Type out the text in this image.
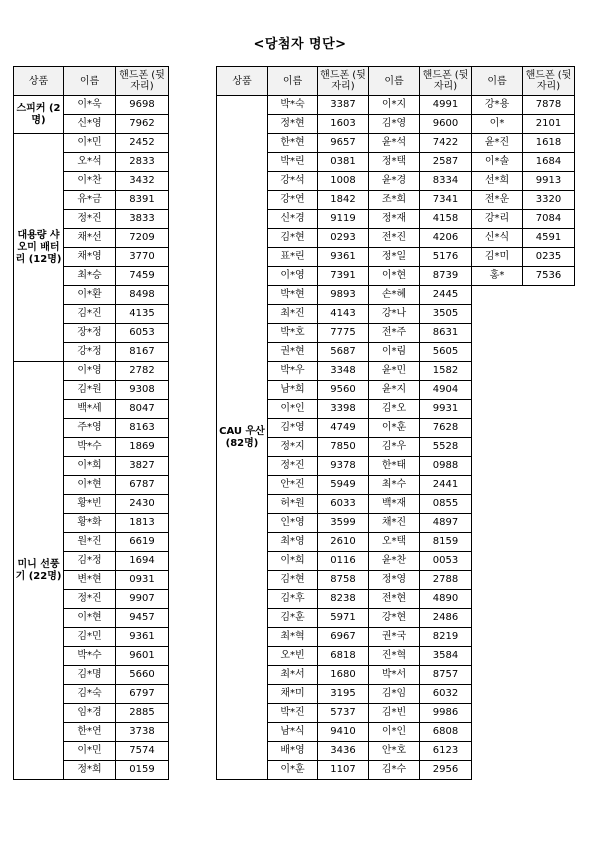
<당첨자 명단>
상품	이름	핸드폰 (뒷자리)
스피커 (2명)	이*욱	9698
	신*영	7962
대용량 샤오미 배터리 (12명)	이*민	2452
	오*석	2833
	이*찬	3432
	유*금	8391
	정*진	3833
	채*선	7209
	채*영	3770
	최*승	7459
	이*환	8498
	김*진	4135
	장*정	6053
	강*정	8167
미니 선풍기 (22명)	이*영	2782
	김*원	9308
	백*세	8047
	주*영	8163
	박*수	1869
	이*희	3827
	이*현	6787
	황*빈	2430
	황*화	1813
	원*진	6619
	김*정	1694
	변*현	0931
	정*진	9907
	이*현	9457
	김*민	9361
	박*수	9601
	김*명	5660
	김*숙	6797
	임*경	2885
	한*연	3738
	이*민	7574
	정*희	0159
상품	이름	핸드폰 (뒷자리)	이름	핸드폰 (뒷자리)	이름	핸드폰 (뒷자리)
CAU 우산 (82명)	박*숙	3387	이*지	4991	강*용	7878
	정*현	1603	김*영	9600	이*	2101
	한*현	9657	윤*석	7422	윤*진	1618
	박*린	0381	정*택	2587	이*솔	1684
	강*석	1008	윤*경	8334	선*희	9913
	강*연	1842	조*희	7341	전*운	3320
	신*경	9119	정*재	4158	강*리	7084
	김*현	0293	전*진	4206	신*식	4591
	표*린	9361	정*일	5176	김*미	0235
	이*영	7391	이*현	8739	홍*	7536
	박*현	9893	손*혜	2445		
	최*진	4143	강*나	3505		
	박*호	7775	전*주	8631		
	권*현	5687	이*림	5605		
	박*우	3348	윤*민	1582		
	남*희	9560	윤*지	4904		
	이*인	3398	김*오	9931		
	김*영	4749	이*훈	7628		
	정*지	7850	김*우	5528		
	정*진	9378	한*태	0988		
	안*진	5949	최*수	2441		
	허*원	6033	백*재	0855		
	인*영	3599	채*진	4897		
	최*영	2610	오*택	8159		
	이*희	0116	윤*찬	0053		
	김*현	8758	정*영	2788		
	김*후	8238	전*현	4890		
	김*훈	5971	강*현	2486		
	최*혁	6967	권*국	8219		
	오*빈	6818	진*혁	3584		
	최*서	1680	박*서	8757		
	채*미	3195	김*임	6032		
	박*진	5737	김*빈	9986		
	남*식	9410	이*인	6808		
	배*영	3436	안*호	6123		
	이*훈	1107	김*수	2956		
